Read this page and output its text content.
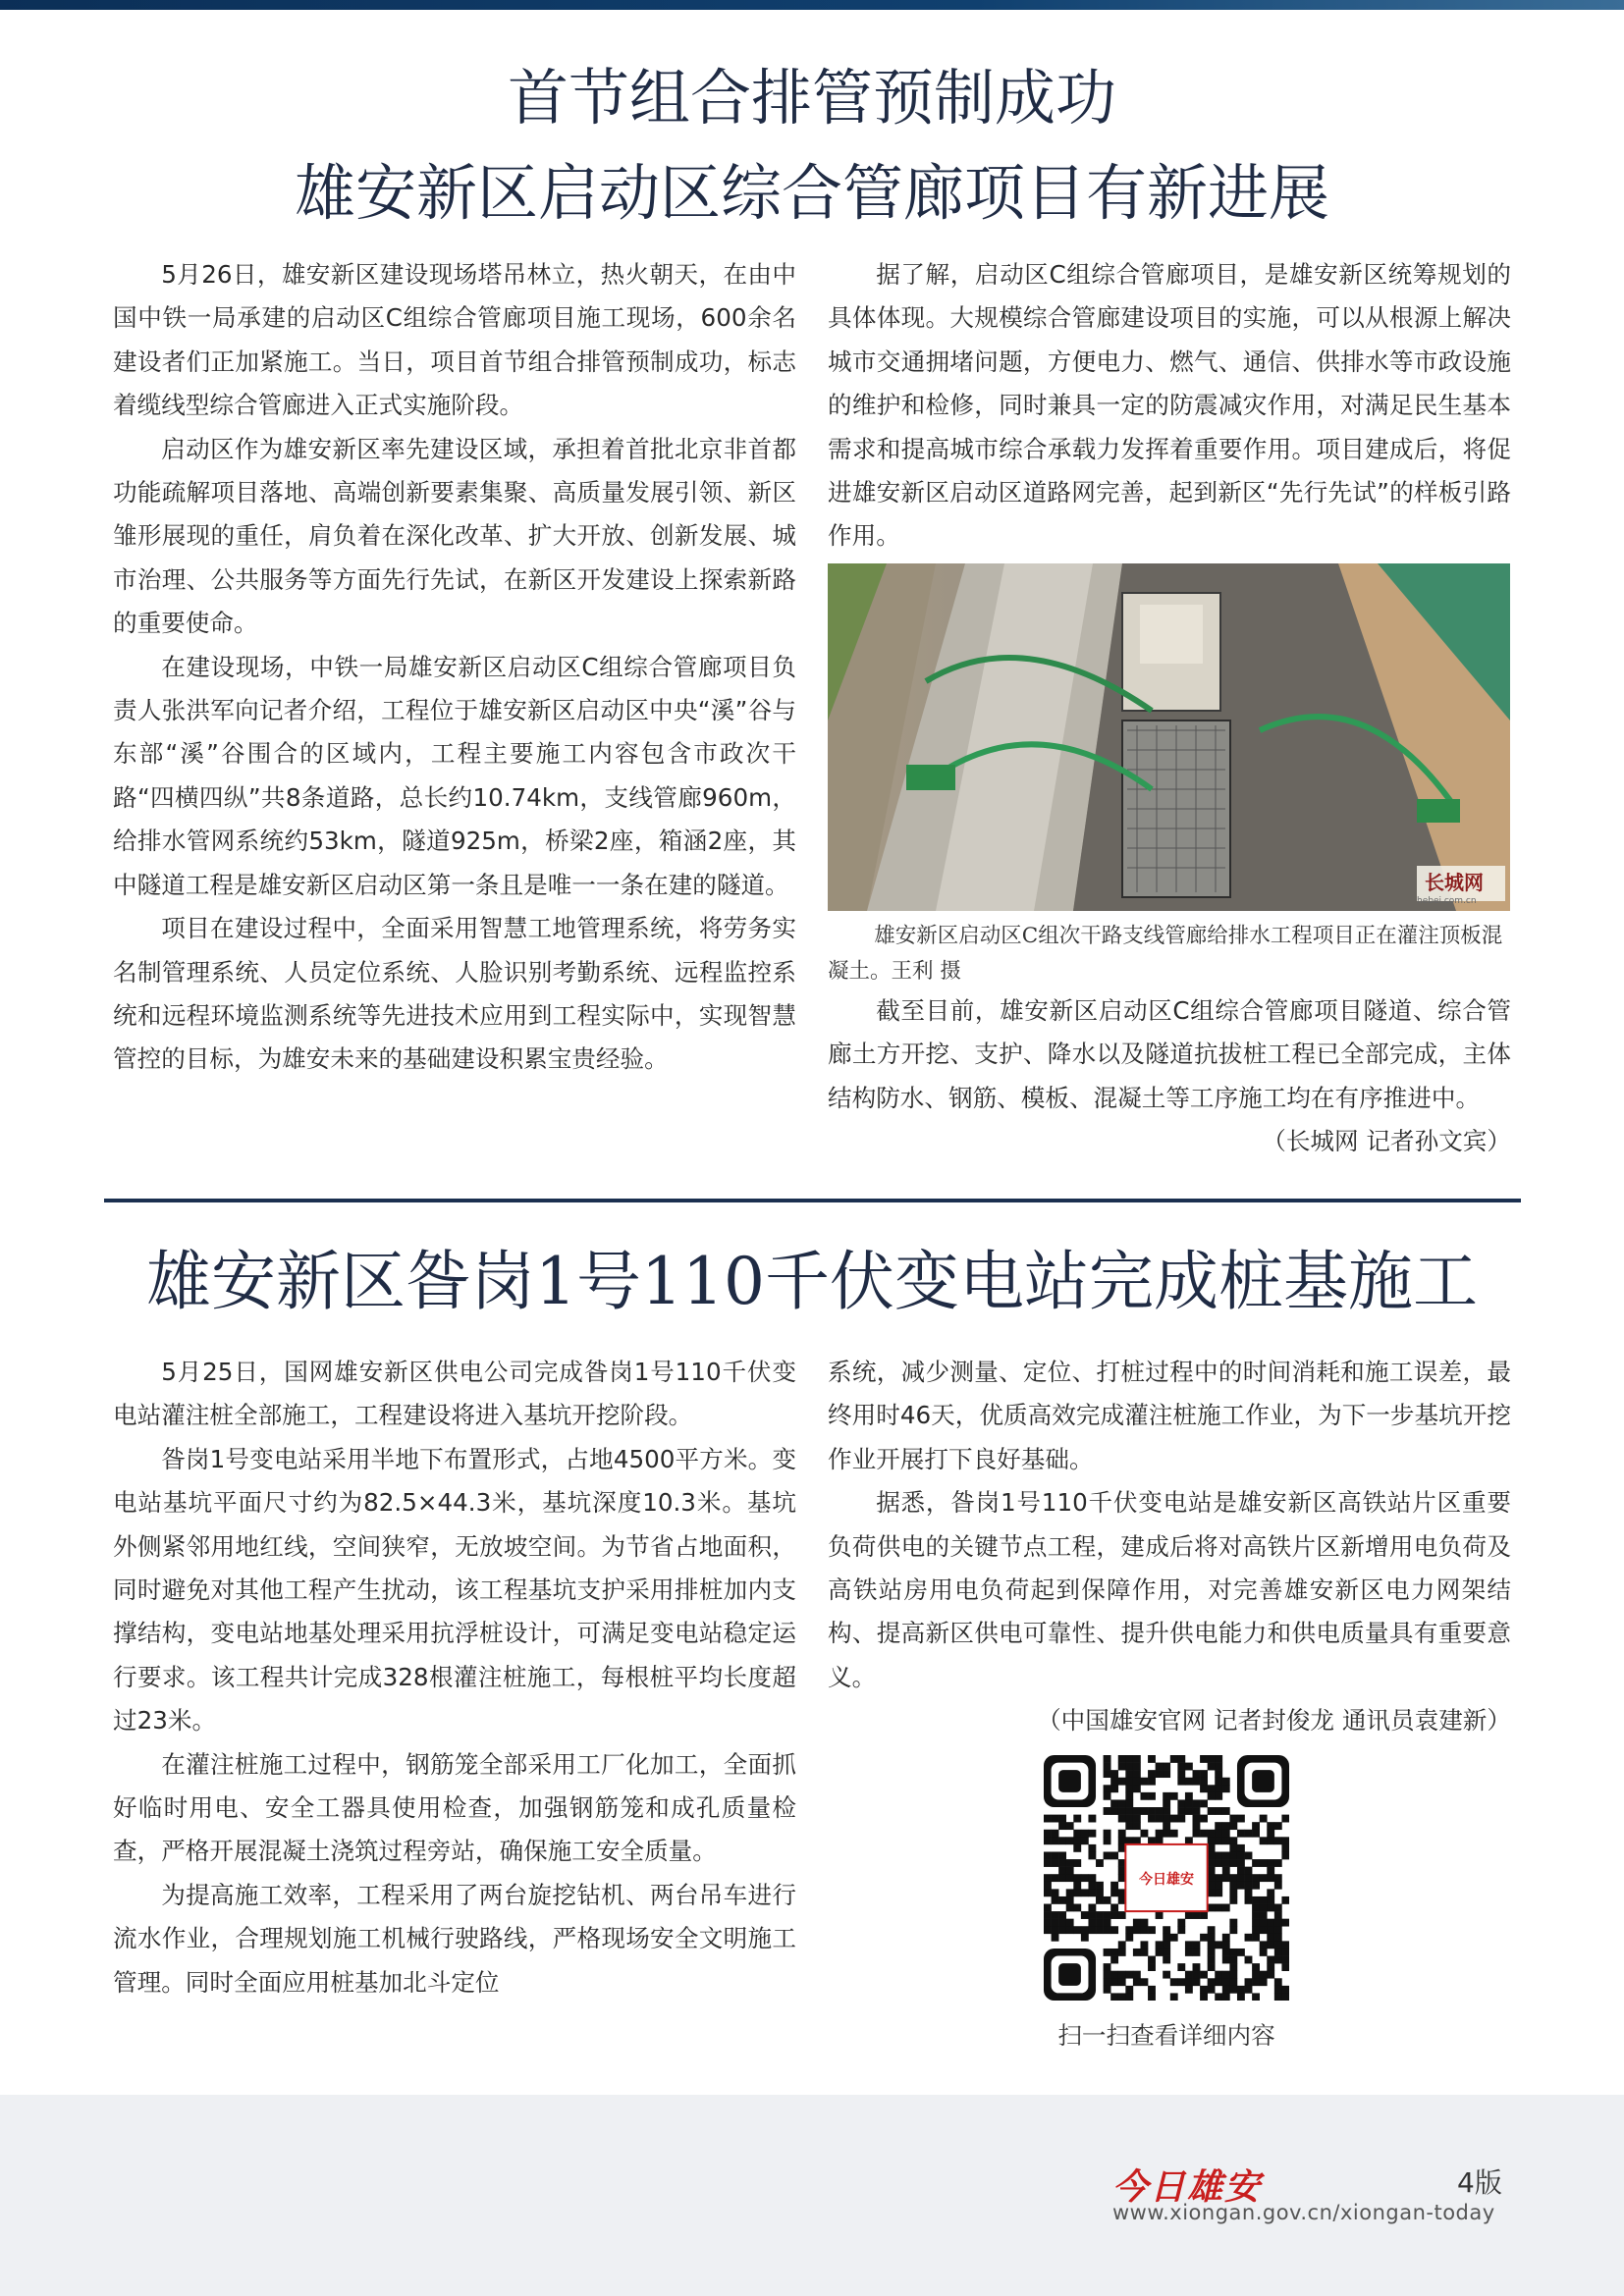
首节组合排管预制成功
雄安新区启动区综合管廊项目有新进展

5月26日，雄安新区建设现场塔吊林立，热火朝天，在由中国中铁一局承建的启动区C组综合管廊项目施工现场，600余名建设者们正加紧施工。当日，项目首节组合排管预制成功，标志着缆线型综合管廊进入正式实施阶段。

启动区作为雄安新区率先建设区域，承担着首批北京非首都功能疏解项目落地、高端创新要素集聚、高质量发展引领、新区雏形展现的重任，肩负着在深化改革、扩大开放、创新发展、城市治理、公共服务等方面先行先试，在新区开发建设上探索新路的重要使命。

在建设现场，中铁一局雄安新区启动区C组综合管廊项目负责人张洪军向记者介绍，工程位于雄安新区启动区中央“溪”谷与东部“溪”谷围合的区域内，工程主要施工内容包含市政次干路“四横四纵”共8条道路，总长约10.74km，支线管廊960m，给排水管网系统约53km，隧道925m，桥梁2座，箱涵2座，其中隧道工程是雄安新区启动区第一条且是唯一一条在建的隧道。

项目在建设过程中，全面采用智慧工地管理系统，将劳务实名制管理系统、人员定位系统、人脸识别考勤系统、远程监控系统和远程环境监测系统等先进技术应用到工程实际中，实现智慧管控的目标，为雄安未来的基础建设积累宝贵经验。

据了解，启动区C组综合管廊项目，是雄安新区统筹规划的具体体现。大规模综合管廊建设项目的实施，可以从根源上解决城市交通拥堵问题，方便电力、燃气、通信、供排水等市政设施的维护和检修，同时兼具一定的防震减灾作用，对满足民生基本需求和提高城市综合承载力发挥着重要作用。项目建成后，将促进雄安新区启动区道路网完善，起到新区“先行先试”的样板引路作用。

长城网
hebei.com.cn

雄安新区启动区C组次干路支线管廊给排水工程项目正在灌注顶板混凝土。王利 摄

截至目前，雄安新区启动区C组综合管廊项目隧道、综合管廊土方开挖、支护、降水以及隧道抗拔桩工程已全部完成，主体结构防水、钢筋、模板、混凝土等工序施工均在有序推进中。

（长城网 记者孙文宾）

雄安新区昝岗1号110千伏变电站完成桩基施工

5月25日，国网雄安新区供电公司完成昝岗1号110千伏变电站灌注桩全部施工，工程建设将进入基坑开挖阶段。

昝岗1号变电站采用半地下布置形式，占地4500平方米。变电站基坑平面尺寸约为82.5×44.3米，基坑深度10.3米。基坑外侧紧邻用地红线，空间狭窄，无放坡空间。为节省占地面积，同时避免对其他工程产生扰动，该工程基坑支护采用排桩加内支撑结构，变电站地基处理采用抗浮桩设计，可满足变电站稳定运行要求。该工程共计完成328根灌注桩施工，每根桩平均长度超过23米。

在灌注桩施工过程中，钢筋笼全部采用工厂化加工，全面抓好临时用电、安全工器具使用检查，加强钢筋笼和成孔质量检查，严格开展混凝土浇筑过程旁站，确保施工安全质量。

为提高施工效率，工程采用了两台旋挖钻机、两台吊车进行流水作业，合理规划施工机械行驶路线，严格现场安全文明施工管理。同时全面应用桩基加北斗定位

系统，减少测量、定位、打桩过程中的时间消耗和施工误差，最终用时46天，优质高效完成灌注桩施工作业，为下一步基坑开挖作业开展打下良好基础。

据悉，昝岗1号110千伏变电站是雄安新区高铁站片区重要负荷供电的关键节点工程，建成后将对高铁片区新增用电负荷及高铁站房用电负荷起到保障作用，对完善雄安新区电力网架结构、提高新区供电可靠性、提升供电能力和供电质量具有重要意义。

（中国雄安官网 记者封俊龙 通讯员袁建新）

今日雄安
扫一扫查看详细内容
今日雄安	4版
www.xiongan.gov.cn/xiongan-today
